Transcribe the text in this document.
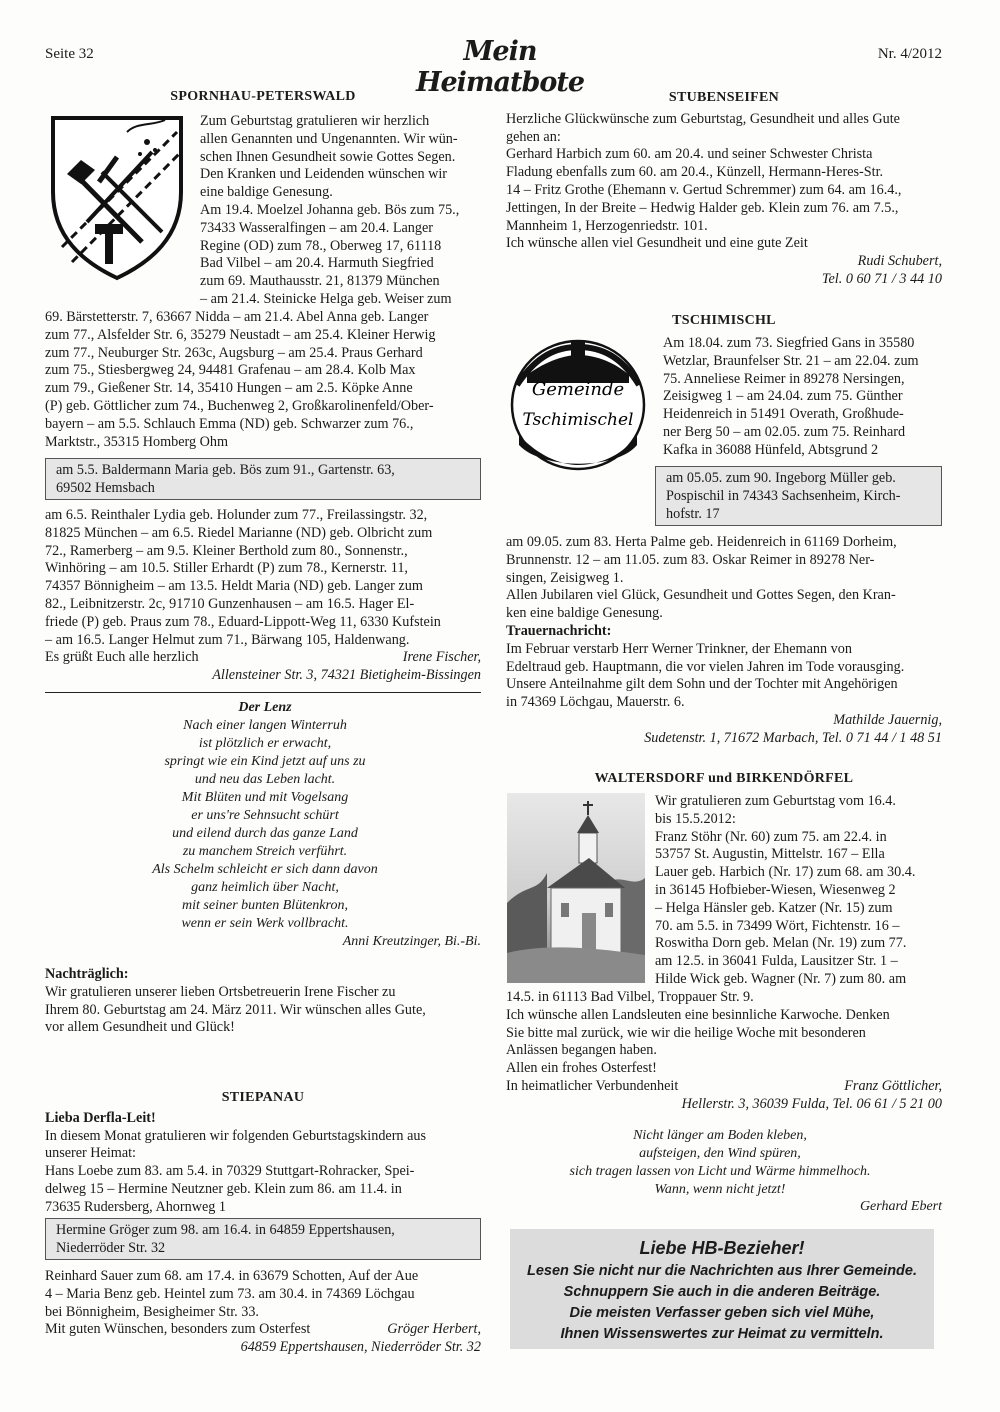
Seite 32	Mein Heimatbote
Nr. 4/2012

SPORNHAU-PETERSWALD

Zum Geburtstag gratulieren wir herzlich

allen Genannten und Ungenannten. Wir wün-

schen Ihnen Gesundheit sowie Gottes Segen.

Den Kranken und Leidenden wünschen wir

eine baldige Genesung.

Am 19.4. Moelzel Johanna geb. Bös zum 75.,

73433 Wasseralfingen – am 20.4. Langer

Regine (OD) zum 78., Oberweg 17, 61118

Bad Vilbel – am 20.4. Harmuth Siegfried

zum 69. Mauthausstr. 21, 81379 München

– am 21.4. Steinicke Helga geb. Weiser zum

69. Bärstetterstr. 7, 63667 Nidda – am 21.4. Abel Anna geb. Langer

zum 77., Alsfelder Str. 6, 35279 Neustadt – am 25.4. Kleiner Herwig

zum 77., Neuburger Str. 263c, Augsburg – am 25.4. Praus Gerhard

zum 75., Stiesbergweg 24, 94481 Grafenau – am 28.4. Kolb Max

zum 79., Gießener Str. 14, 35410 Hungen – am 2.5. Köpke Anne

(P) geb. Göttlicher zum 74., Buchenweg 2, Großkarolinenfeld/Ober-

bayern – am 5.5. Schlauch Emma (ND) geb. Schwarzer zum 76.,

Marktstr., 35315 Homberg Ohm

am 5.5. Baldermann Maria geb. Bös zum 91., Gartenstr. 63,

69502 Hemsbach

am 6.5. Reinthaler Lydia geb. Holunder zum 77., Freilassingstr. 32,

81825 München – am 6.5. Riedel Marianne (ND) geb. Olbricht zum

72., Ramerberg – am 9.5. Kleiner Berthold zum 80., Sonnenstr.,

Winhöring – am 10.5. Stiller Erhardt (P) zum 78., Kernerstr. 11,

74357 Bönnigheim – am 13.5. Heldt Maria (ND) geb. Langer zum

82., Leibnitzerstr. 2c, 91710 Gunzenhausen – am 16.5. Hager El-

friede (P) geb. Praus zum 78., Eduard-Lippott-Weg 11, 6330 Kufstein

– am 16.5. Langer Helmut zum 71., Bärwang 105, Haldenwang.

Es grüßt Euch alle herzlich	Irene Fischer,

Allensteiner Str. 3, 74321 Bietigheim-Bissingen

Der Lenz

Nach einer langen Winterruh

ist plötzlich er erwacht,

springt wie ein Kind jetzt auf uns zu

und neu das Leben lacht.

Mit Blüten und mit Vogelsang

er uns're Sehnsucht schürt

und eilend durch das ganze Land

zu manchem Streich verführt.

Als Schelm schleicht er sich dann davon

ganz heimlich über Nacht,

mit seiner bunten Blütenkron,

wenn er sein Werk vollbracht.

Anni Kreutzinger, Bi.-Bi.

Nachträglich:

Wir gratulieren unserer lieben Ortsbetreuerin Irene Fischer zu

Ihrem 80. Geburtstag am 24. März 2011. Wir wünschen alles Gute,

vor allem Gesundheit und Glück!

STIEPANAU

Lieba Derfla-Leit!

In diesem Monat gratulieren wir folgenden Geburtstagskindern aus

unserer Heimat:

Hans Loebe zum 83. am 5.4. in 70329 Stuttgart-Rohracker, Spei-

delweg 15 – Hermine Neutzner geb. Klein zum 86. am 11.4. in

73635 Rudersberg, Ahornweg 1

Hermine Gröger zum 98. am 16.4. in 64859 Eppertshausen,

Niederröder Str. 32

Reinhard Sauer zum 68. am 17.4. in 63679 Schotten, Auf der Aue

4 – Maria Benz geb. Heintel zum 73. am 30.4. in 74369 Löchgau

bei Bönnigheim, Besigheimer Str. 33.

Mit guten Wünschen, besonders zum Osterfest	Gröger Herbert,

64859 Eppertshausen, Niederröder Str. 32

STUBENSEIFEN

Herzliche Glückwünsche zum Geburtstag, Gesundheit und alles Gute

gehen an:

Gerhard Harbich zum 60. am 20.4. und seiner Schwester Christa

Fladung ebenfalls zum 60. am 20.4., Künzell, Hermann-Heres-Str.

14 – Fritz Grothe (Ehemann v. Gertud Schremmer) zum 64. am 16.4.,

Jettingen, In der Breite – Hedwig Halder geb. Klein zum 76. am 7.5.,

Mannheim 1, Herzogenriedstr. 101.

Ich wünsche allen viel Gesundheit und eine gute Zeit

Rudi Schubert,

Tel. 0 60 71 / 3 44 10

TSCHIMISCHL

Gemeinde
Tschimischel

Am 18.04. zum 73. Siegfried Gans in 35580

Wetzlar, Braunfelser Str. 21 – am 22.04. zum

75. Anneliese Reimer in 89278 Nersingen,

Zeisigweg 1 – am 24.04. zum 75. Günther

Heidenreich in 51491 Overath, Großhude-

ner Berg 50 – am 02.05. zum 75. Reinhard

Kafka in 36088 Hünfeld, Abtsgrund 2

am 05.05. zum 90. Ingeborg Müller geb.

Pospischil in 74343 Sachsenheim, Kirch-

hofstr. 17

am 09.05. zum 83. Herta Palme geb. Heidenreich in 61169 Dorheim,

Brunnenstr. 12 – am 11.05. zum 83. Oskar Reimer in 89278 Ner-

singen, Zeisigweg 1.

Allen Jubilaren viel Glück, Gesundheit und Gottes Segen, den Kran-

ken eine baldige Genesung.

Trauernachricht:

Im Februar verstarb Herr Werner Trinkner, der Ehemann von

Edeltraud geb. Hauptmann, die vor vielen Jahren im Tode vorausging.

Unsere Anteilnahme gilt dem Sohn und der Tochter mit Angehörigen

in 74369 Löchgau, Mauerstr. 6.

Mathilde Jauernig,

Sudetenstr. 1, 71672 Marbach, Tel. 0 71 44 / 1 48 51

WALTERSDORF und BIRKENDÖRFEL

Wir gratulieren zum Geburtstag vom 16.4.

bis 15.5.2012:

Franz Stöhr (Nr. 60) zum 75. am 22.4. in

53757 St. Augustin, Mittelstr. 167 – Ella

Lauer geb. Harbich (Nr. 17) zum 68. am 30.4.

in 36145 Hofbieber-Wiesen, Wiesenweg 2

– Helga Hänsler geb. Katzer (Nr. 15) zum

70. am 5.5. in 73499 Wört, Fichtenstr. 16 –

Roswitha Dorn geb. Melan (Nr. 19) zum 77.

am 12.5. in 36041 Fulda, Lausitzer Str. 1 –

Hilde Wick geb. Wagner (Nr. 7) zum 80. am

14.5. in 61113 Bad Vilbel, Troppauer Str. 9.

Ich wünsche allen Landsleuten eine besinnliche Karwoche. Denken

Sie bitte mal zurück, wie wir die heilige Woche mit besonderen

Anlässen begangen haben.

Allen ein frohes Osterfest!

In heimatlicher Verbundenheit	Franz Göttlicher,

Hellerstr. 3, 36039 Fulda, Tel. 06 61 / 5 21 00

Nicht länger am Boden kleben,

aufsteigen, den Wind spüren,

sich tragen lassen von Licht und Wärme himmelhoch.

Wann, wenn nicht jetzt!

Gerhard Ebert
Liebe HB-Bezieher!
Lesen Sie nicht nur die Nachrichten aus Ihrer Gemeinde.
Schnuppern Sie auch in die anderen Beiträge.
Die meisten Verfasser geben sich viel Mühe,
Ihnen Wissenswertes zur Heimat zu vermitteln.
